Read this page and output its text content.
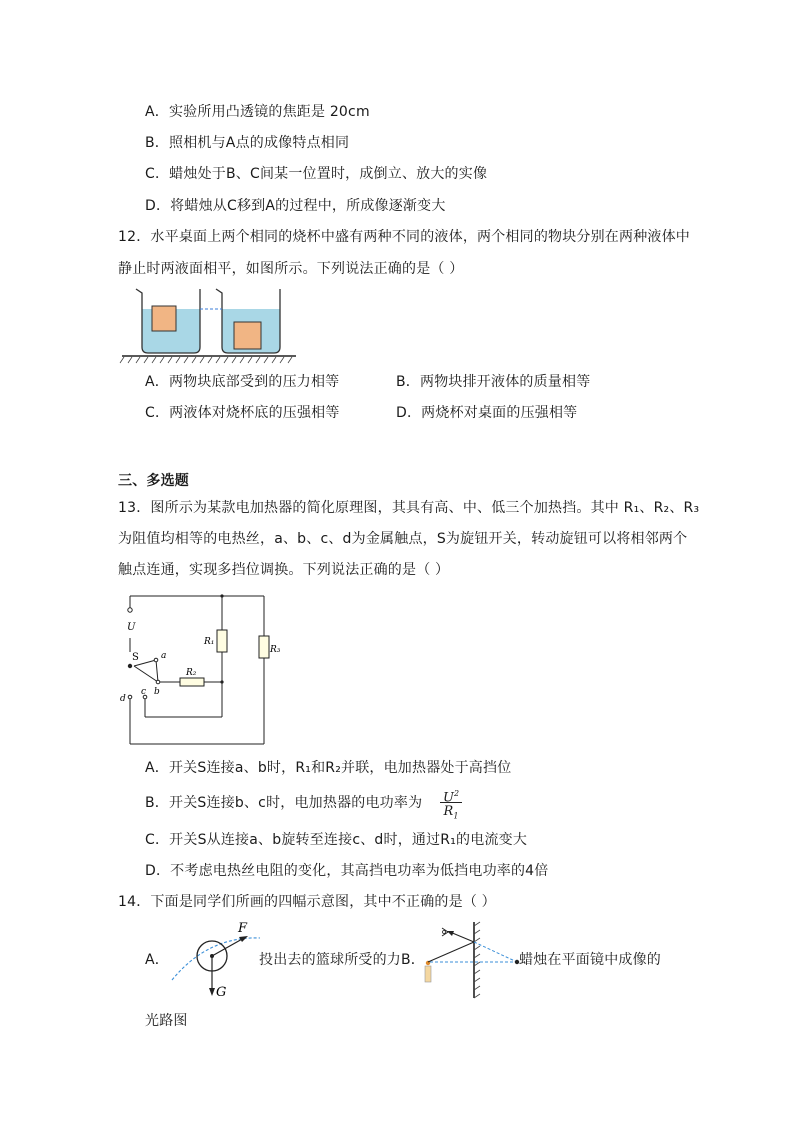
A．实验所用凸透镜的焦距是 20cm
B．照相机与A点的成像特点相同
C．蜡烛处于B、C间某一位置时，成倒立、放大的实像
D．将蜡烛从C移到A的过程中，所成像逐渐变大
12．水平桌面上两个相同的烧杯中盛有两种不同的液体，两个相同的物块分别在两种液体中
静止时两液面相平，如图所示。下列说法正确的是（ ）
A．两物块底部受到的压力相等	B．两物块排开液体的质量相等
C．两液体对烧杯底的压强相等	D．两烧杯对桌面的压强相等
三、多选题
13．图所示为某款电加热器的简化原理图，其具有高、中、低三个加热挡。其中 R₁、R₂、R₃
为阻值均相等的电热丝，a、b、c、d为金属触点，S为旋钮开关，转动旋钮可以将相邻两个
触点连通，实现多挡位调换。下列说法正确的是（ ）
U
S a
b
c
d
R₁
R₂
R₃
A．开关S连接a、b时，R₁和R₂并联，电加热器处于高挡位
B．开关S连接b、c时，电加热器的电功率为 $U^2$
$R_1$
C．开关S从连接a、b旋转至连接c、d时，通过R₁的电流变大
D．不考虑电热丝电阻的变化，其高挡电功率为低挡电功率的4倍
14．下面是同学们所画的四幅示意图，其中不正确的是（ ）
A．
F
G
投出去的篮球所受的力B．	蜡烛在平面镜中成像的
光路图
